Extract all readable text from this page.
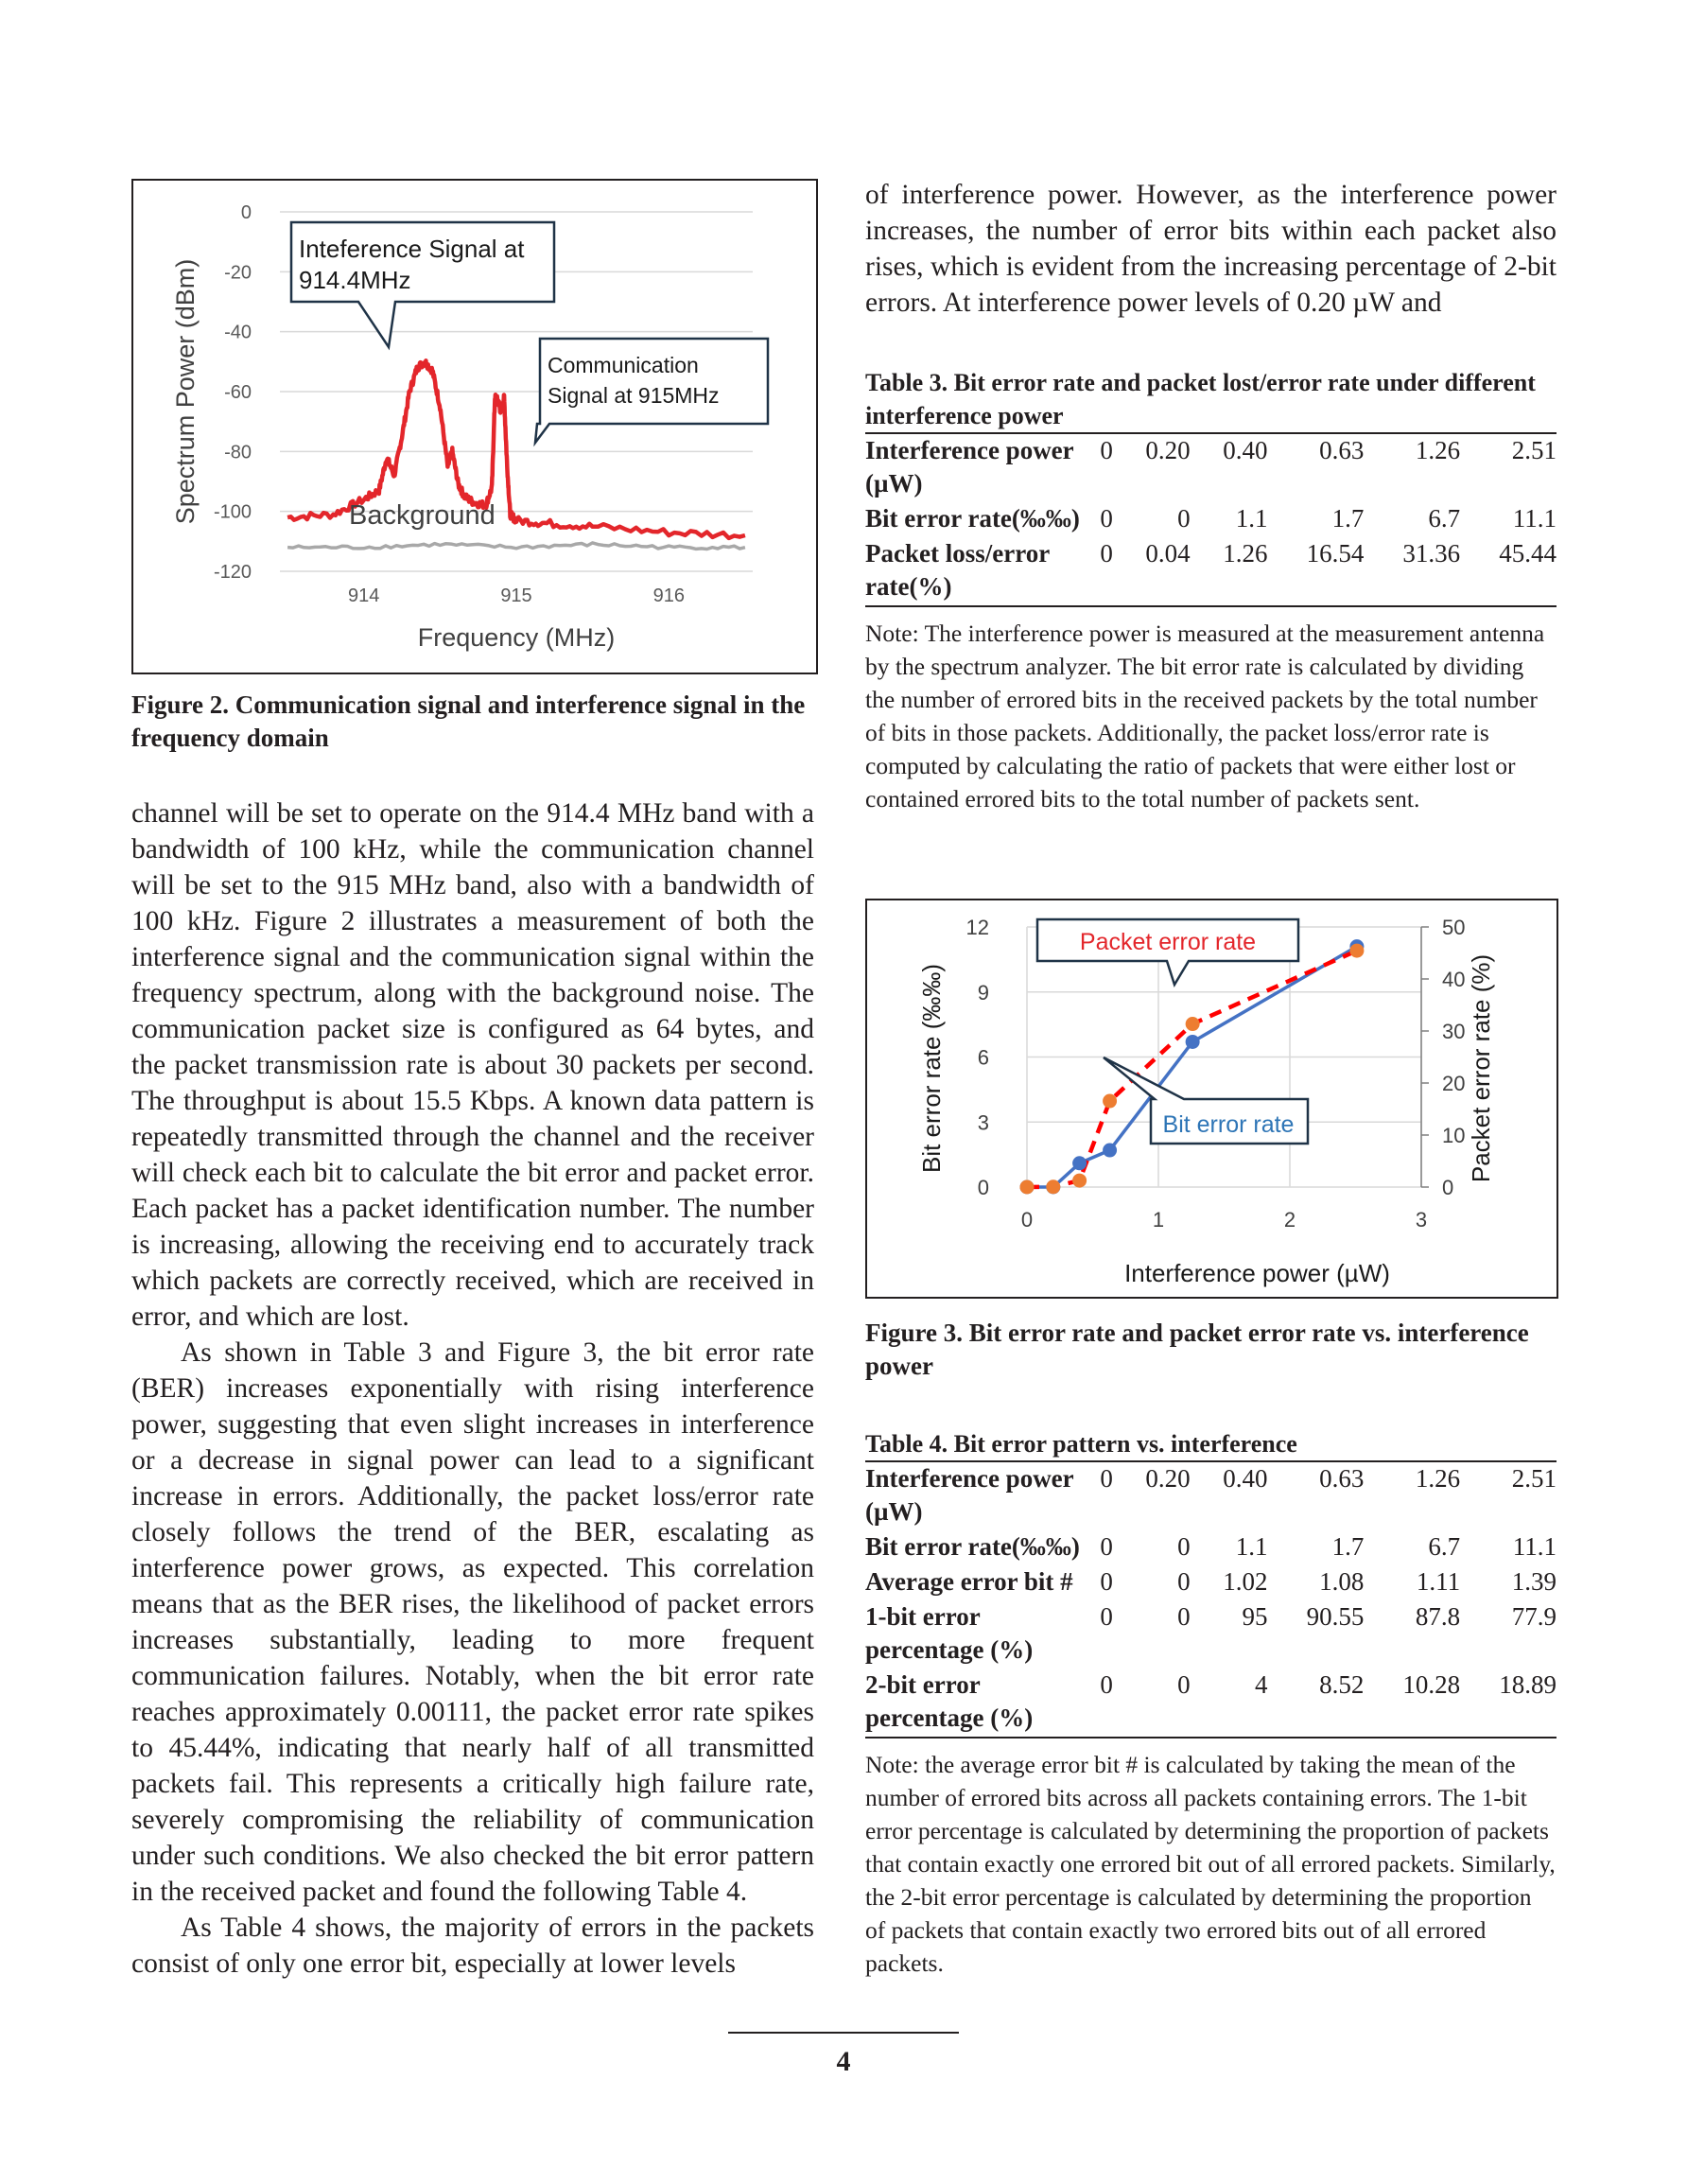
0
-20
-40
-60
-80
-100
-120
914	915	916
Frequency (MHz)
Spectrum Power (dBm)	Background
Inteference Signal at
914.4MHz
Communication
Signal at 915MHz
Figure 2. Communication signal and interference signal in the frequency domain

channel will be set to operate on the 914.4 MHz band with a bandwidth of 100 kHz, while the communication channel will be set to the 915 MHz band, also with a bandwidth of 100 kHz. Figure 2 illustrates a measurement of both the interference signal and the communication signal within the frequency spectrum, along with the background noise. The communication packet size is configured as 64 bytes, and the packet transmission rate is about 30 packets per second. The throughput is about 15.5 Kbps. A known data pattern is repeatedly transmitted through the channel and the receiver will check each bit to calculate the bit error and packet error. Each packet has a packet identification number. The number is increasing, allowing the receiving end to accurately track which packets are correctly received, which are received in error, and which are lost.

As shown in Table 3 and Figure 3, the bit error rate (BER) increases exponentially with rising interference power, suggesting that even slight increases in interference or a decrease in signal power can lead to a significant increase in errors. Additionally, the packet loss/error rate closely follows the trend of the BER, escalating as interference power grows, as expected. This correlation means that as the BER rises, the likelihood of packet errors increases substantially, leading to more frequent communication failures. Notably, when the bit error rate reaches approximately 0.00111, the packet error rate spikes to 45.44%, indicating that nearly half of all transmitted packets fail. This represents a critically high failure rate, severely compromising the reliability of communication under such conditions. We also checked the bit error pattern in the received packet and found the following Table 4.

As Table 4 shows, the majority of errors in the packets consist of only one error bit, especially at lower levels

of interference power. However, as the interference power increases, the number of error bits within each packet also rises, which is evident from the increasing percentage of 2-bit errors. At interference power levels of 0.20 µW and

Table 3. Bit error rate and packet lost/error rate under different interference power
Interference power (µW)	0	0.20	0.40	0.63	1.26	2.51
Bit error rate(‰‰)	0	0	1.1	1.7	6.7	11.1
Packet loss/error rate(%)	0	0.04	1.26	16.54	31.36	45.44
Note: The interference power is measured at the measurement antenna by the spectrum analyzer. The bit error rate is calculated by dividing the number of errored bits in the received packets by the total number of bits in those packets. Additionally, the packet loss/error rate is computed by calculating the ratio of packets that were either lost or contained errored bits to the total number of packets sent.
0	1	2	3
0
3
6
9
12
0
10
20
30
40
50
Interference power (µW)
Bit error rate (‰‰)	Packet error rate (%)
Packet error rate
Bit error rate
Figure 3. Bit error rate and packet error rate vs. interference power
Table 4. Bit error pattern vs. interference
Interference power (µW)	0	0.20	0.40	0.63	1.26	2.51
Bit error rate(‰‰)	0	0	1.1	1.7	6.7	11.1
Average error bit #	0	0	1.02	1.08	1.11	1.39
1-bit error percentage (%)	0	0	95	90.55	87.8	77.9
2-bit error percentage (%)	0	0	4	8.52	10.28	18.89
Note: the average error bit # is calculated by taking the mean of the number of errored bits across all packets containing errors. The 1-bit error percentage is calculated by determining the proportion of packets that contain exactly one errored bit out of all errored packets. Similarly, the 2-bit error percentage is calculated by determining the proportion of packets that contain exactly two errored bits out of all errored packets.
4
